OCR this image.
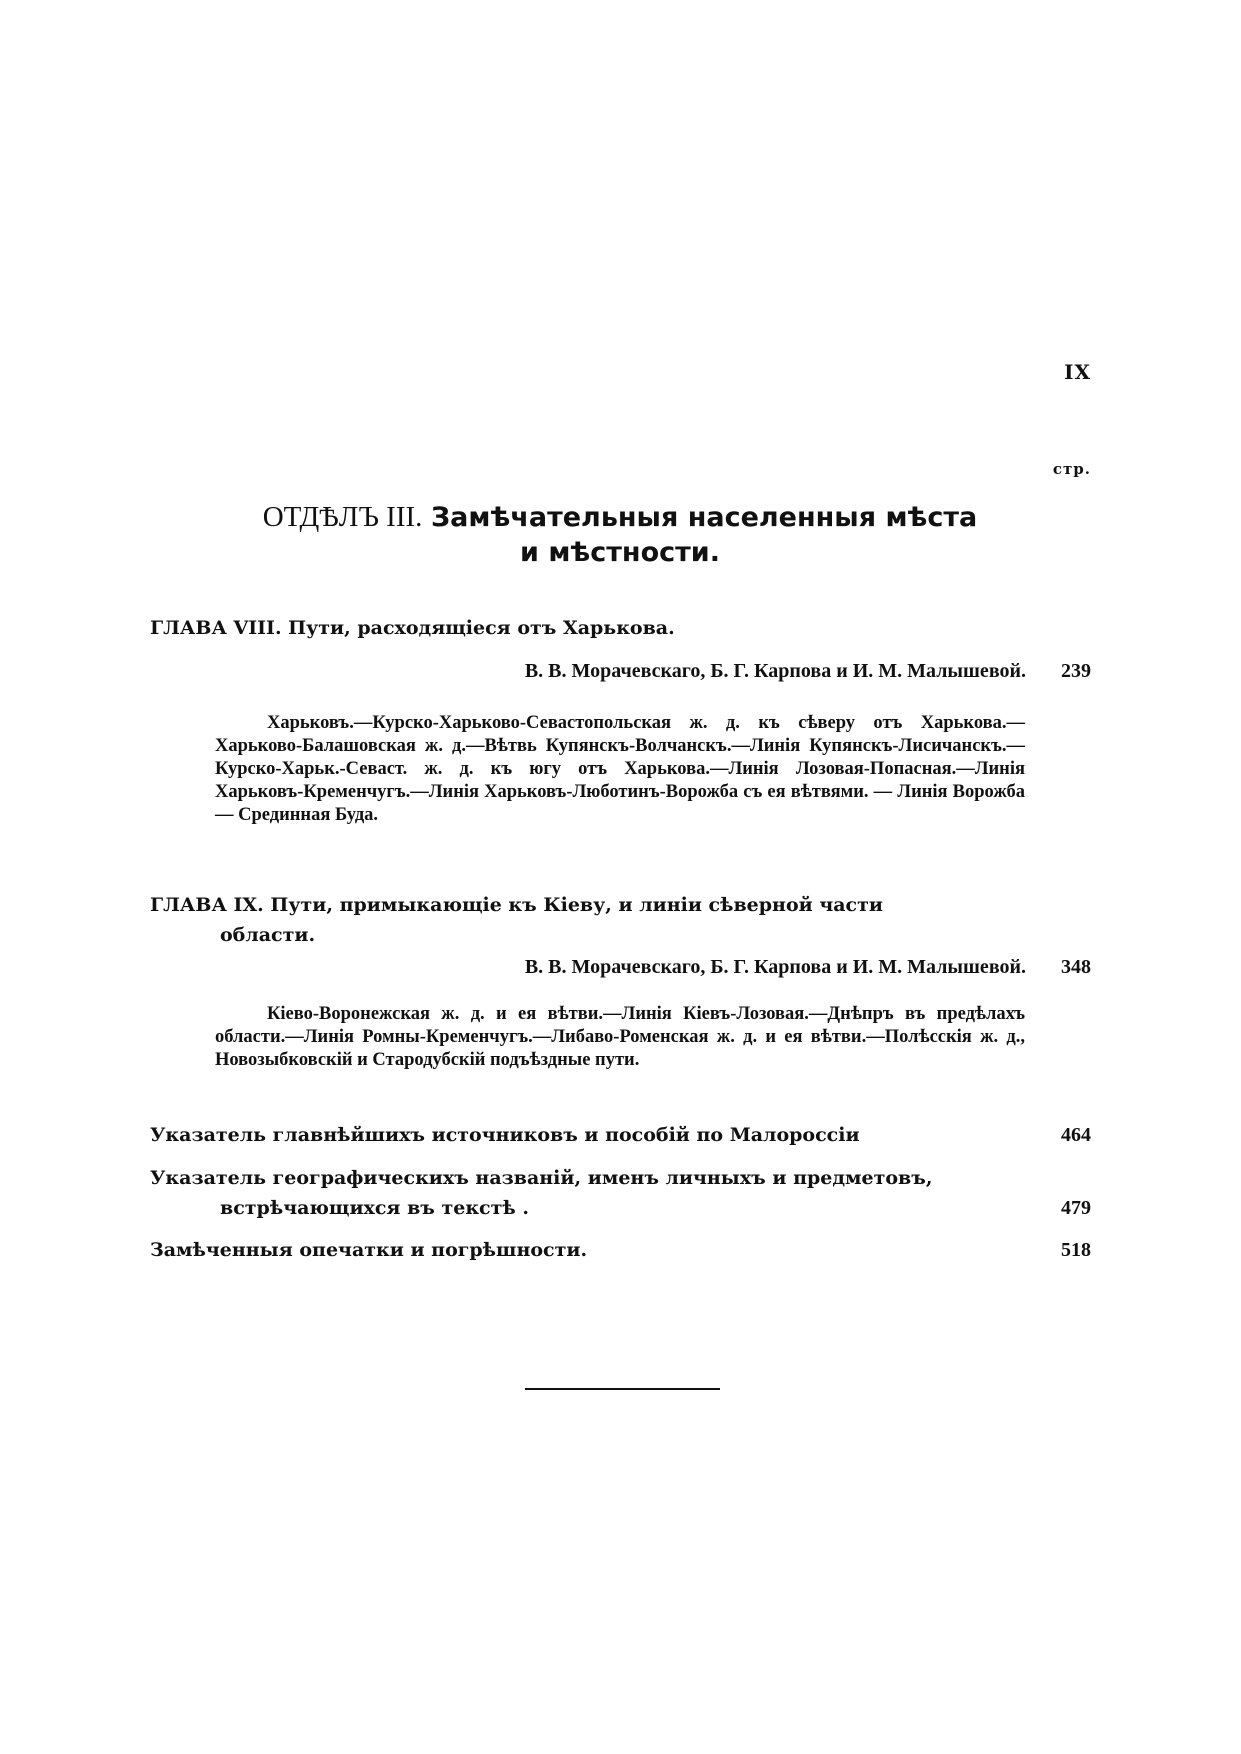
IX
стр.
ОТДѢЛЪ III. Замѣчательныя населенныя мѣста
и мѣстности.
ГЛАВА VIII. Пути, расходящіеся отъ Харькова.
В. В. Морачевскаго, Б. Г. Карпова и И. М. Малышевой.	239
Харьковъ.—Курско-Харьково-Севастопольская ж. д. къ сѣверу отъ Харькова.—Харьково-Балашовская ж. д.—Вѣтвь Купянскъ-Волчанскъ.—Линія Купянскъ-Лисичанскъ.—Курско-Харьк.-Севаст. ж. д. къ югу отъ Харькова.—Линія Лозовая-Попасная.—Линія Харьковъ-Кременчугъ.—Линія Харьковъ-Люботинъ-Ворожба съ ея вѣтвями. — Линія Ворожба — Срединная Буда.
ГЛАВА IX. Пути, примыкающіе къ Кіеву, и линіи сѣверной части
области.
В. В. Морачевскаго, Б. Г. Карпова и И. М. Малышевой.	348
Кіево-Воронежская ж. д. и ея вѣтви.—Линія Кіевъ-Лозовая.—Днѣпръ въ предѣлахъ области.—Линія Ромны-Кременчугъ.—Либаво-Роменская ж. д. и ея вѣтви.—Полѣсскія ж. д., Новозыбковскій и Стародубскій подъѣздные пути.
Указатель главнѣйшихъ источниковъ и пособій по Малороссіи	464
Указатель географическихъ названій, именъ личныхъ и предметовъ,
встрѣчающихся въ текстѣ .	479
Замѣченныя опечатки и погрѣшности.	518
